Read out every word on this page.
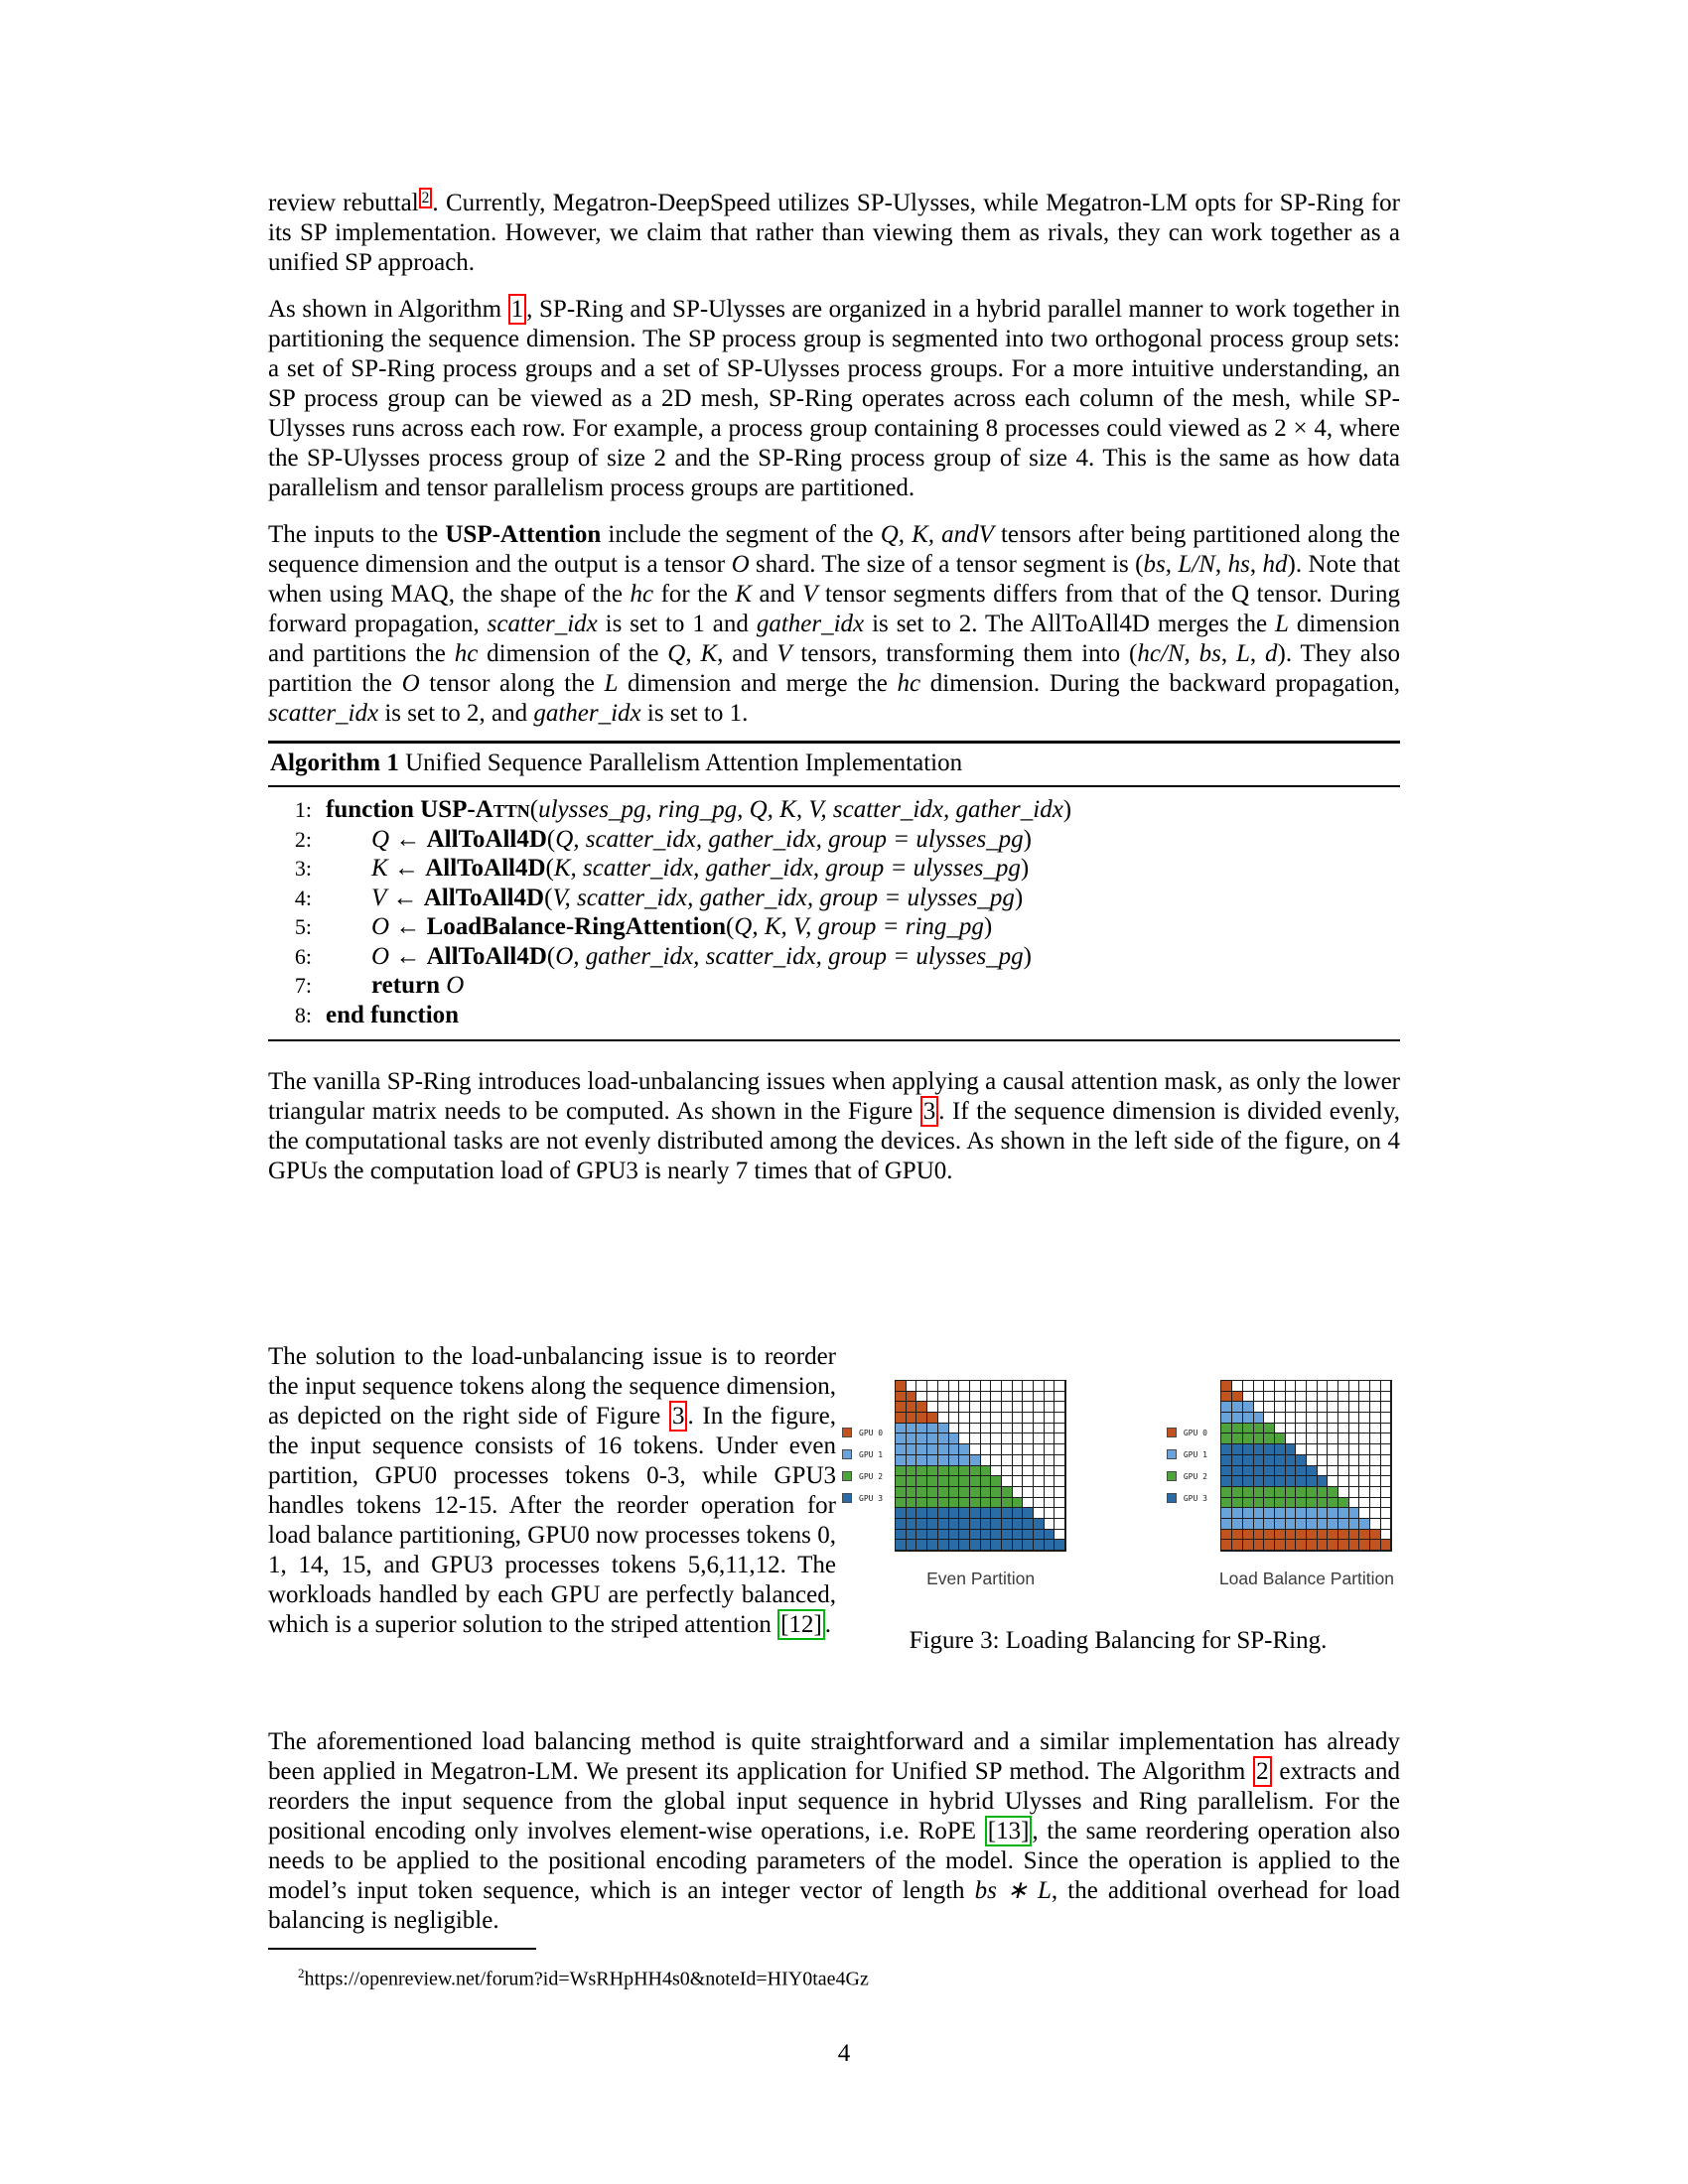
review rebuttal $^2$ . Currently, Megatron-DeepSpeed utilizes SP-Ulysses, while Megatron-LM opts for SP-Ring for its SP implementation. However, we claim that rather than viewing them as rivals, they can work together as a unified SP approach.

As shown in Algorithm 1 , SP-Ring and SP-Ulysses are organized in a hybrid parallel manner to work together in partitioning the sequence dimension. The SP process group is segmented into two orthogonal process group sets: a set of SP-Ring process groups and a set of SP-Ulysses process groups. For a more intuitive understanding, an SP process group can be viewed as a 2D mesh, SP-Ring operates across each column of the mesh, while SP-Ulysses runs across each row. For example, a process group containing 8 processes could viewed as 2 × 4, where the SP-Ulysses process group of size 2 and the SP-Ring process group of size 4. This is the same as how data parallelism and tensor parallelism process groups are partitioned.

The inputs to the USP-Attention include the segment of the Q, K, andV tensors after being partitioned along the sequence dimension and the output is a tensor O shard. The size of a tensor segment is (bs, L/N, hs, hd). Note that when using MAQ, the shape of the hc for the K and V tensor segments differs from that of the Q tensor. During forward propagation, scatter_idx is set to 1 and gather_idx is set to 2. The AllToAll4D merges the L dimension and partitions the hc dimension of the Q, K, and V tensors, transforming them into (hc/N, bs, L, d). They also partition the O tensor along the L dimension and merge the hc dimension. During the backward propagation, scatter_idx is set to 2, and gather_idx is set to 1.

Algorithm 1 Unified Sequence Parallelism Attention Implementation
1: function USP-Attn(ulysses_pg, ring_pg, Q, K, V, scatter_idx, gather_idx)
2:	Q ← AllToAll4D(Q, scatter_idx, gather_idx, group = ulysses_pg)
3:	K ← AllToAll4D(K, scatter_idx, gather_idx, group = ulysses_pg)
4:	V ← AllToAll4D(V, scatter_idx, gather_idx, group = ulysses_pg)
5:	O ← LoadBalance-RingAttention(Q, K, V, group = ring_pg)
6:	O ← AllToAll4D(O, gather_idx, scatter_idx, group = ulysses_pg)
7:	return O
8: end function

The vanilla SP-Ring introduces load-unbalancing issues when applying a causal attention mask, as only the lower triangular matrix needs to be computed. As shown in the Figure 3 . If the sequence dimension is divided evenly, the computational tasks are not evenly distributed among the devices. As shown in the left side of the figure, on 4 GPUs the computation load of GPU3 is nearly 7 times that of GPU0.

The solution to the load-unbalancing issue is to reorder the input sequence tokens along the sequence dimension, as depicted on the right side of Figure 3 . In the figure, the input sequence consists of 16 tokens. Under even partition, GPU0 processes tokens 0-3, while GPU3 handles tokens 12-15. After the reorder operation for load balance partitioning, GPU0 now processes tokens 0, 1, 14, 15, and GPU3 processes tokens 5,6,11,12. The workloads handled by each GPU are perfectly balanced, which is a superior solution to the striped attention [12] .

GPU 0
GPU 1
GPU 2
GPU 3
Even Partition
GPU 0
GPU 1
GPU 2
GPU 3
Load Balance Partition
Figure 3: Loading Balancing for SP-Ring.

The aforementioned load balancing method is quite straightforward and a similar implementation has already been applied in Megatron-LM. We present its application for Unified SP method. The Algorithm 2 extracts and reorders the input sequence from the global input sequence in hybrid Ulysses and Ring parallelism. For the positional encoding only involves element-wise operations, i.e. RoPE [13] , the same reordering operation also needs to be applied to the positional encoding parameters of the model. Since the operation is applied to the model’s input token sequence, which is an integer vector of length bs ∗ L, the additional overhead for load balancing is negligible.

$^2$https://openreview.net/forum?id=WsRHpHH4s0&noteId=HIY0tae4Gz
4
